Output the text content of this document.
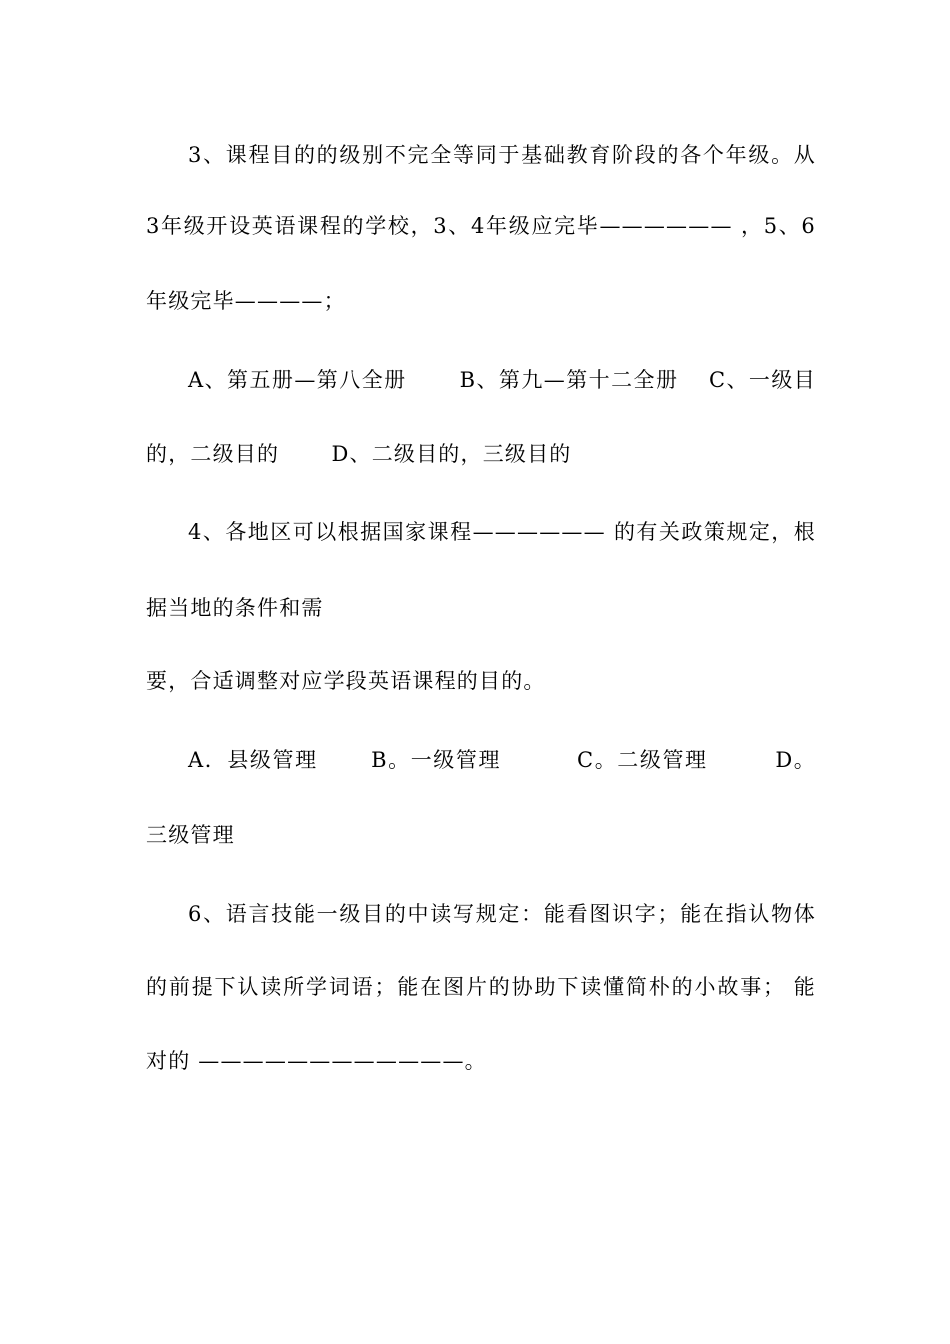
3、课程目的的级别不完全等同于基础教育阶段的各个年级。从
3年级开设英语课程的学校，3、4年级应完毕—————— ，5、6
年级完毕————；
A、第五册—第八全册　　 B、第九—第十二全册　 C、一级目
的，二级目的　　 D、二级目的，三级目的
4、各地区可以根据国家课程—————— 的有关政策规定，根
据当地的条件和需
要，合适调整对应学段英语课程的目的。
A．县级管理　　 B。一级管理　　　 C。二级管理　　　D。
三级管理
6、语言技能一级目的中读写规定：能看图识字；能在指认物体
的前提下认读所学词语；能在图片的协助下读懂简朴的小故事； 能
对的 ————————————。
